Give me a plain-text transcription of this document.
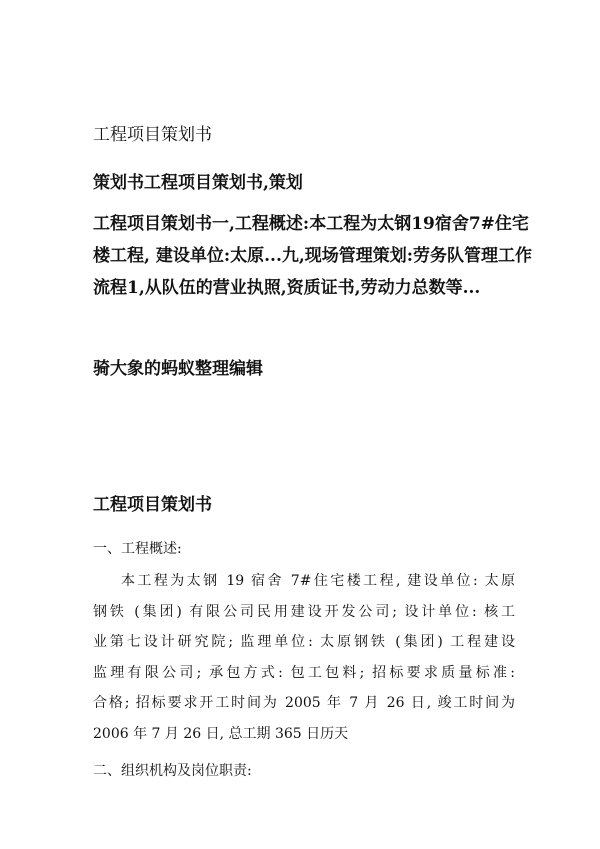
工程项目策划书
策划书工程项目策划书,策划

工程项目策划书一,工程概述:本工程为太钢19宿舍7#住宅楼工程, 建设单位:太原...九,现场管理策划:劳务队管理工作流程1,从队伍的营业执照,资质证书,劳动力总数等...

骑大象的蚂蚁整理编辑

工程项目策划书
一、工程概述:
本工程为太钢 19 宿舍 7#住宅楼工程, 建设单位: 太原
钢铁 (集团) 有限公司民用建设开发公司; 设计单位: 核工
业第七设计研究院; 监理单位: 太原钢铁 (集团) 工程建设
监理有限公司; 承包方式: 包工包料; 招标要求质量标准:
合格; 招标要求开工时间为 2005 年 7 月 26 日, 竣工时间为
2006 年 7 月 26 日, 总工期 365 日历天
二、组织机构及岗位职责:
